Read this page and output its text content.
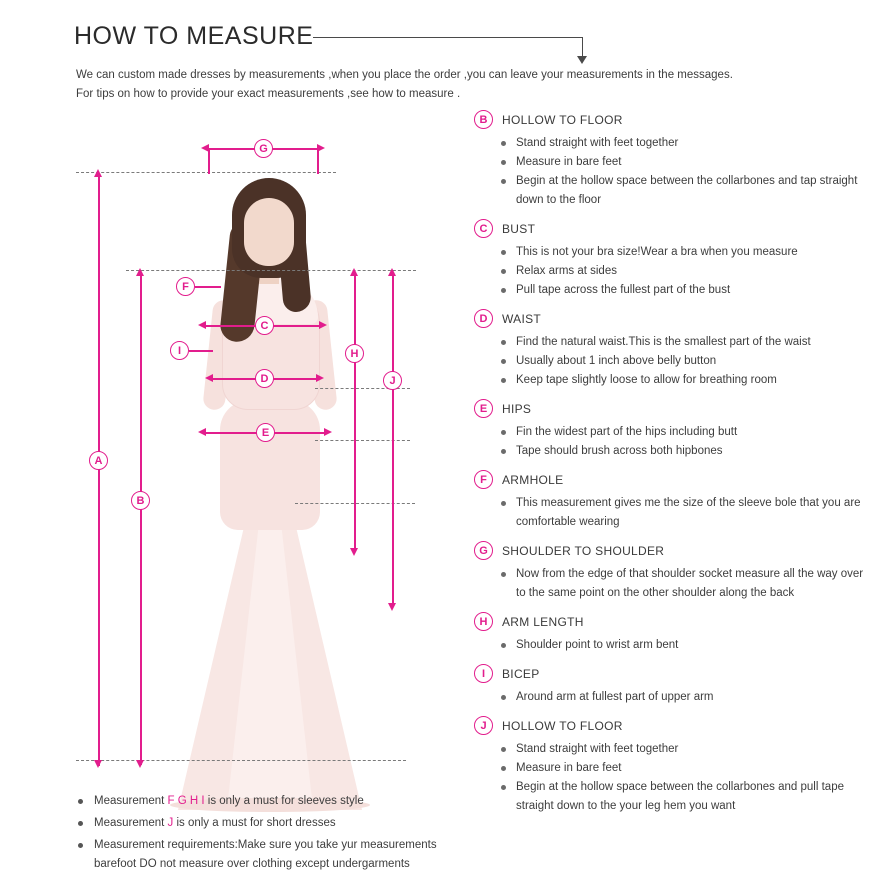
HOW TO MEASURE
We can custom made dresses by measurements ,when you place the order ,you can leave your measurements in the messages.
For tips on how to provide your exact measurements ,see how to measure .
G
C
D
E
F
I	H
J
B
A
Measurement F G H I is only a must for sleeves style
Measurement J is only a must for short dresses
Measurement requirements:Make sure you take yur measurements barefoot DO not measure over clothing except undergarments
B	HOLLOW TO FLOOR
Stand straight with feet together
Measure in bare feet
Begin at the hollow space between the collarbones and tap straight down to the floor
C	BUST
This is not your bra size!Wear a bra when you measure
Relax arms at sides
Pull tape across the fullest part of the bust
D	WAIST
Find the natural waist.This is the smallest part of the waist
Usually about 1 inch above belly button
Keep tape slightly loose to allow for breathing room
E	HIPS
Fin the widest part of the hips including butt
Tape should brush across both hipbones
F	ARMHOLE
This measurement gives me the size of the sleeve bole that you are comfortable wearing
G	SHOULDER TO SHOULDER
Now from the edge of that shoulder socket measure all the way over to the same point on the other shoulder along the back
H	ARM LENGTH
Shoulder point to wrist arm bent
I	BICEP
Around arm at fullest part of upper arm
J	HOLLOW TO FLOOR
Stand straight with feet together
Measure in bare feet
Begin at the hollow space between the collarbones and pull tape straight down to the your leg hem you want
